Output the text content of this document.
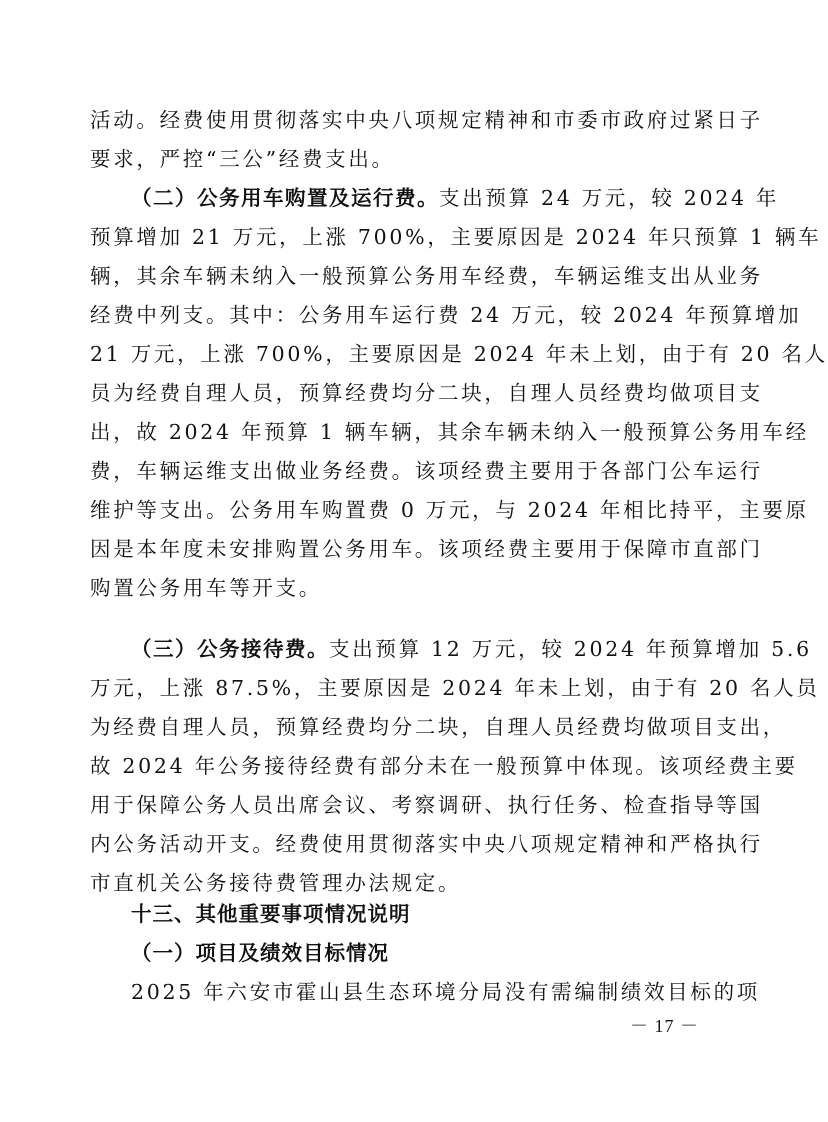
活动。经费使用贯彻落实中央八项规定精神和市委市政府过紧日子
要求，严控“三公”经费支出。
（二）公务用车购置及运行费。支出预算 24 万元，较 2024 年
预算增加 21 万元，上涨 700%，主要原因是 2024 年只预算 1 辆车
辆，其余车辆未纳入一般预算公务用车经费，车辆运维支出从业务
经费中列支。其中：公务用车运行费 24 万元，较 2024 年预算增加
21 万元，上涨 700%，主要原因是 2024 年未上划，由于有 20 名人
员为经费自理人员，预算经费均分二块，自理人员经费均做项目支
出，故 2024 年预算 1 辆车辆，其余车辆未纳入一般预算公务用车经
费，车辆运维支出做业务经费。该项经费主要用于各部门公车运行
维护等支出。公务用车购置费 0 万元，与 2024 年相比持平，主要原
因是本年度未安排购置公务用车。该项经费主要用于保障市直部门
购置公务用车等开支。
（三）公务接待费。支出预算 12 万元，较 2024 年预算增加 5.6
万元，上涨 87.5%，主要原因是 2024 年未上划，由于有 20 名人员
为经费自理人员，预算经费均分二块，自理人员经费均做项目支出，
故 2024 年公务接待经费有部分未在一般预算中体现。该项经费主要
用于保障公务人员出席会议、考察调研、执行任务、检查指导等国
内公务活动开支。经费使用贯彻落实中央八项规定精神和严格执行
市直机关公务接待费管理办法规定。
十三、其他重要事项情况说明
（一）项目及绩效目标情况
2025 年六安市霍山县生态环境分局没有需编制绩效目标的项
－ 17 －
